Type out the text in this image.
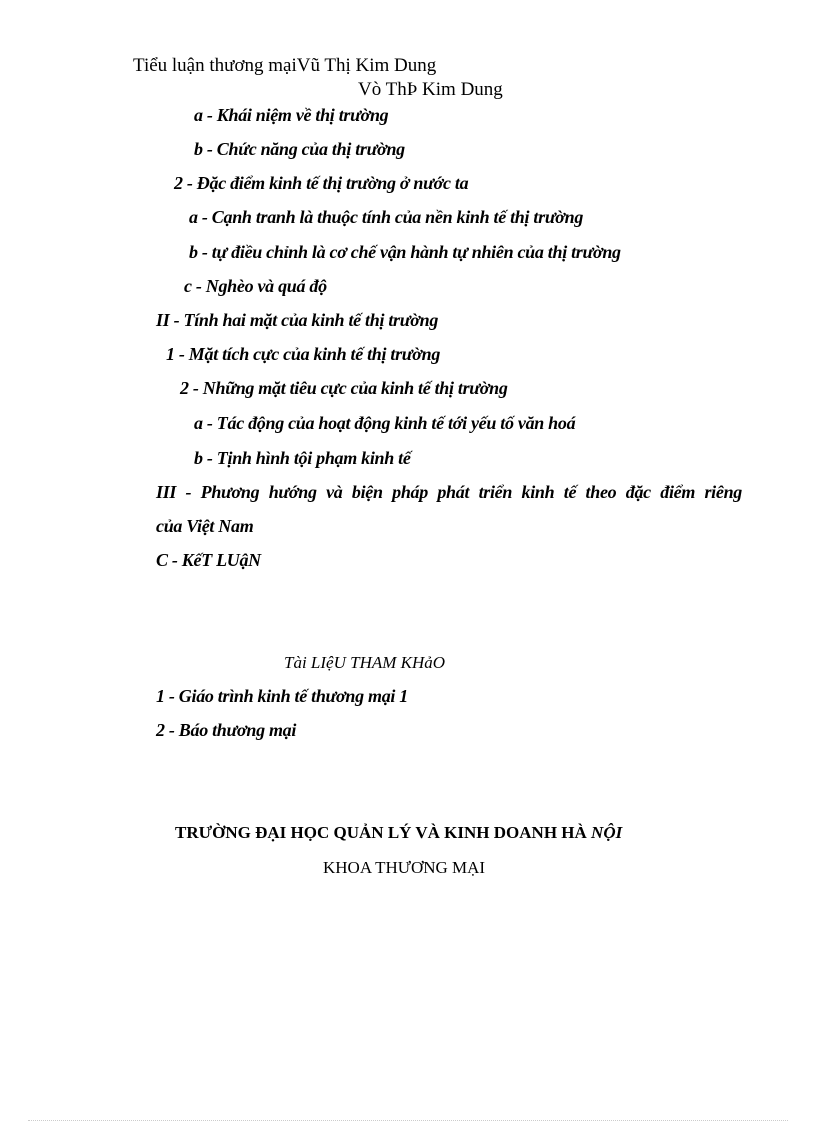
Tiểu luận thương mạiVũ Thị Kim Dung
Vò ThÞ Kim Dung
a - Khái niệm về thị trường
b - Chức năng của thị trường
2 - Đặc điểm kinh tế thị trường ở nước ta
a - Cạnh tranh là thuộc tính của nền kinh tế thị trường
b - tự điều chỉnh là cơ chế vận hành tự nhiên của thị trường
c - Nghèo và quá độ
II - Tính hai mặt của kinh tế thị trường
1 - Mặt tích cực của kinh tế thị trường
2 - Những mặt tiêu cực của kinh tế thị trường
a - Tác động của hoạt động kinh tế tới yếu tố văn hoá
b - Tịnh hình tội phạm kinh tế
III - Phương hướng và biện pháp phát triển kinh tế theo đặc điểm riêng
của Việt Nam
C - KếT LUậN
Tài LIệU THAM KHảO
1 - Giáo trình kinh tế thương mại 1
2 - Báo thương mại
TRƯỜNG ĐẠI HỌC QUẢN LÝ VÀ KINH DOANH HÀ NỘI
KHOA THƯƠNG MẠI
